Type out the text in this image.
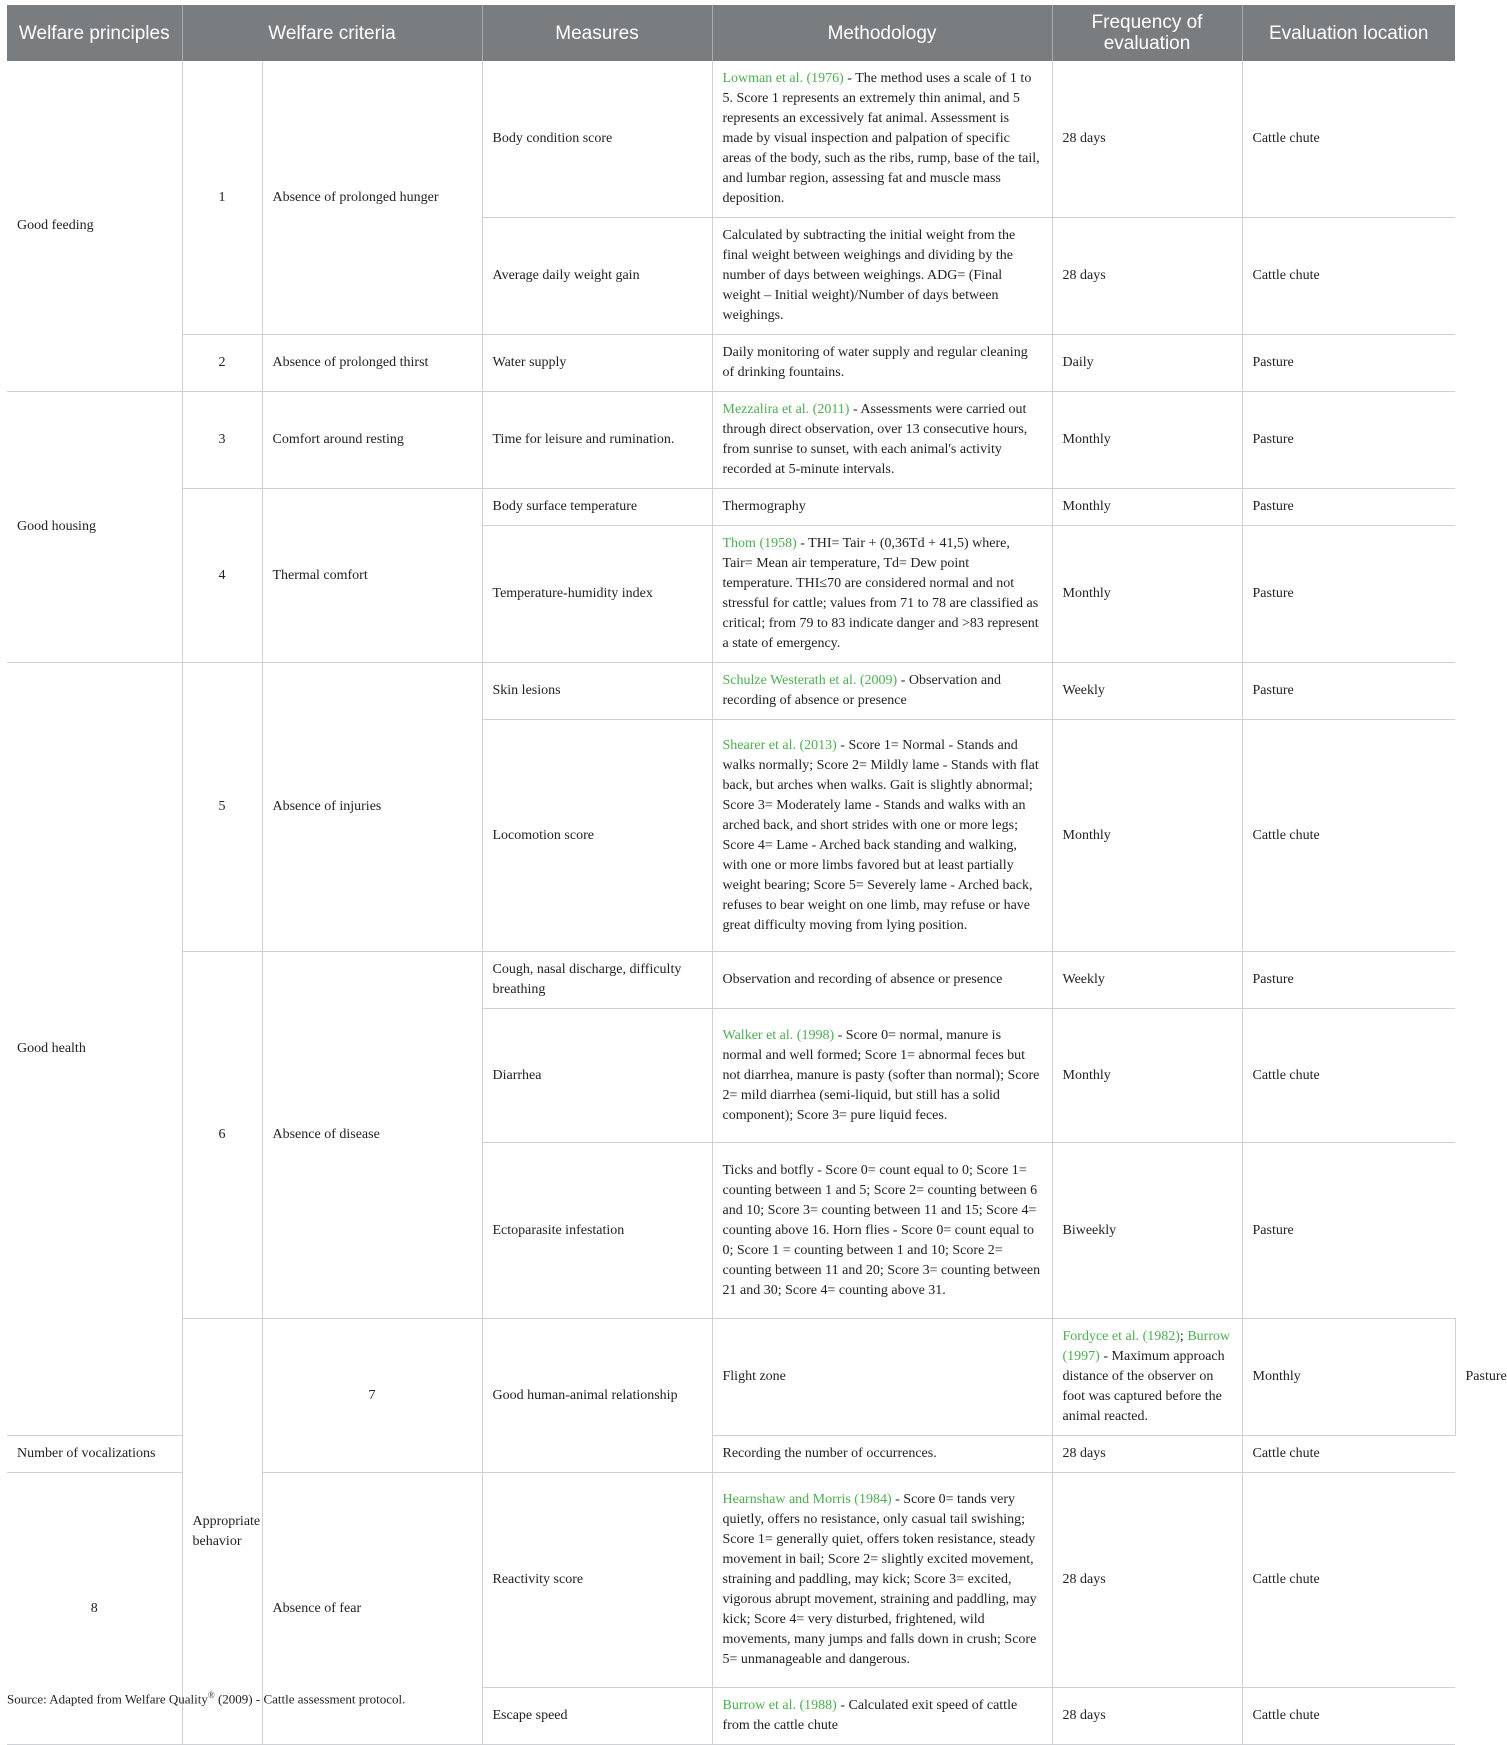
Welfare principles	Welfare criteria		Measures	Methodology	Frequency of evaluation	Evaluation location	
Good feeding	1	Absence of prolonged hunger	Body condition score	Lowman et al. (1976) - The method uses a scale of 1 to 5. Score 1 represents an extremely thin animal, and 5 represents an excessively fat animal. Assessment is made by visual inspection and palpation of specific areas of the body, such as the ribs, rump, base of the tail, and lumbar region, assessing fat and muscle mass deposition.	28 days	Cattle chute	
			Average daily weight gain	Calculated by subtracting the initial weight from the final weight between weighings and dividing by the number of days between weighings. ADG= (Final weight – Initial weight)/Number of days between weighings.	28 days	Cattle chute	
	2	Absence of prolonged thirst	Water supply	Daily monitoring of water supply and regular cleaning of drinking fountains.	Daily	Pasture	
Good housing	3	Comfort around resting	Time for leisure and rumination.	Mezzalira et al. (2011) - Assessments were carried out through direct observation, over 13 consecutive hours, from sunrise to sunset, with each animal's activity recorded at 5-minute intervals.	Monthly	Pasture	
	4	Thermal comfort	Body surface temperature	Thermography	Monthly	Pasture	
			Temperature-humidity index	Thom (1958) - THI= Tair + (0,36Td + 41,5) where, Tair= Mean air temperature, Td= Dew point temperature. THI≤70 are considered normal and not stressful for cattle; values from 71 to 78 are classified as critical; from 79 to 83 indicate danger and >83 represent a state of emergency.	Monthly	Pasture	
Good health	5	Absence of injuries	Skin lesions	Schulze Westerath et al. (2009) - Observation and recording of absence or presence	Weekly	Pasture	
			Locomotion score	Shearer et al. (2013) - Score 1= Normal - Stands and walks normally; Score 2= Mildly lame - Stands with flat back, but arches when walks. Gait is slightly abnormal; Score 3= Moderately lame - Stands and walks with an arched back, and short strides with one or more legs; Score 4= Lame - Arched back standing and walking, with one or more limbs favored but at least partially weight bearing; Score 5= Severely lame - Arched back, refuses to bear weight on one limb, may refuse or have great difficulty moving from lying position.	Monthly	Cattle chute	
	6	Absence of disease	Cough, nasal discharge, difficulty breathing	Observation and recording of absence or presence	Weekly	Pasture	
			Diarrhea	Walker et al. (1998) - Score 0= normal, manure is normal and well formed; Score 1= abnormal feces but not diarrhea, manure is pasty (softer than normal); Score 2= mild diarrhea (semi-liquid, but still has a solid component); Score 3= pure liquid feces.	Monthly	Cattle chute	
			Ectoparasite infestation	Ticks and botfly - Score 0= count equal to 0; Score 1= counting between 1 and 5; Score 2= counting between 6 and 10; Score 3= counting between 11 and 15; Score 4= counting above 16. Horn flies - Score 0= count equal to 0; Score 1 = counting between 1 and 10; Score 2= counting between 11 and 20; Score 3= counting between 21 and 30; Score 4= counting above 31.	Biweekly	Pasture	
	Appropriate behavior	7	Good human-animal relationship	Flight zone	Fordyce et al. (1982); Burrow (1997) - Maximum approach distance of the observer on foot was captured before the animal reacted.	Monthly	Pasture
Number of vocalizations				Recording the number of occurrences.	28 days	Cattle chute	
8		Absence of fear	Reactivity score	Hearnshaw and Morris (1984) - Score 0= tands very quietly, offers no resistance, only casual tail swishing; Score 1= generally quiet, offers token resistance, steady movement in bail; Score 2= slightly excited movement, straining and paddling, may kick; Score 3= excited, vigorous abrupt movement, straining and paddling, may kick; Score 4= very disturbed, frightened, wild movements, many jumps and falls down in crush; Score 5= unmanageable and dangerous.	28 days	Cattle chute	
			Escape speed	Burrow et al. (1988) - Calculated exit speed of cattle from the cattle chute	28 days	Cattle chute	
Source: Adapted from Welfare Quality® (2009) - Cattle assessment protocol.
